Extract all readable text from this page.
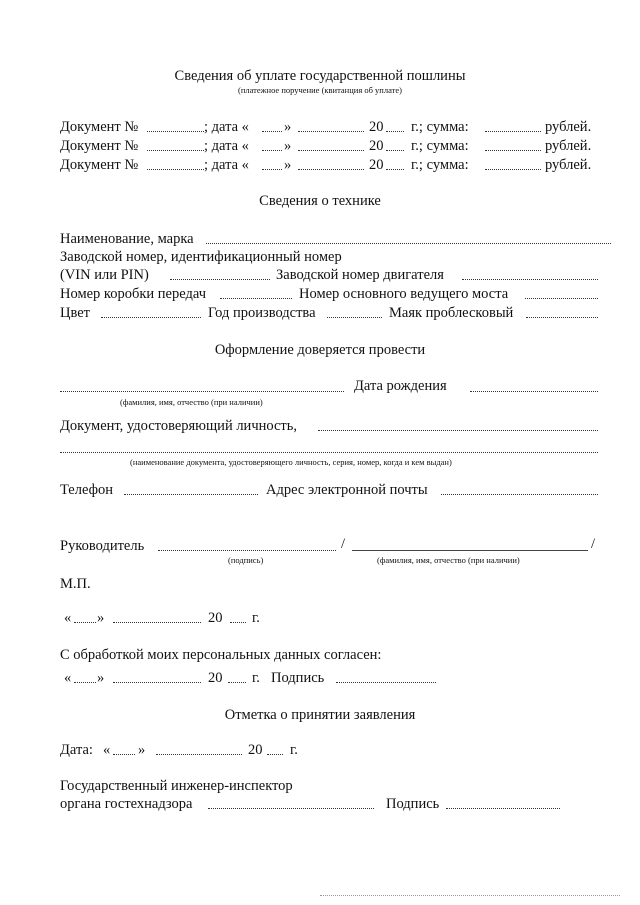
Сведения об уплате государственной пошлины
(платежное поручение (квитанция об уплате)
Документ №	; дата « »	20 г.; сумма:	рублей.
Документ №	; дата « »	20 г.; сумма:	рублей.
Документ №	; дата « »	20 г.; сумма:	рублей.
Сведения о технике
Наименование, марка
Заводской номер, идентификационный номер
(VIN или PIN)	Заводской номер двигателя
Номер коробки передач	Номер основного ведущего моста
Цвет	Год производства	Маяк проблесковый
Оформление доверяется провести
Дата рождения
(фамилия, имя, отчество (при наличии)
Документ, удостоверяющий личность,
(наименование документа, удостоверяющего личность, серия, номер, когда и кем выдан)
Телефон	Адрес электронной почты
Руководитель	/	/
(подпись)	(фамилия, имя, отчество (при наличии)
М.П.
« »	20 г.
С обработкой моих персональных данных согласен:
« »	20 г. Подпись
Отметка о принятии заявления
Дата: « »	20 г.
Государственный инженер-инспектор
органа гостехнадзора	Подпись
